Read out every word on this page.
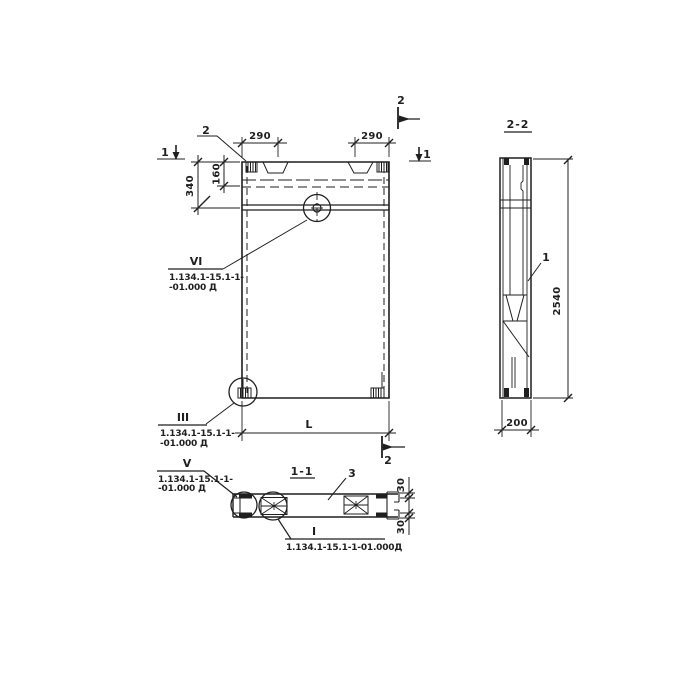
290	290
340
160
L
1	1
2
2
2
VI
1.134.1-15.1-1-
-01.000 Д
III
1.134.1-15.1-1-
-01.000 Д
1-1	3
30
30
V
1.134.1-15.1-1-
-01.000 Д
I
1.134.1-15.1-1-01.000Д
2-2
1
2540
200
